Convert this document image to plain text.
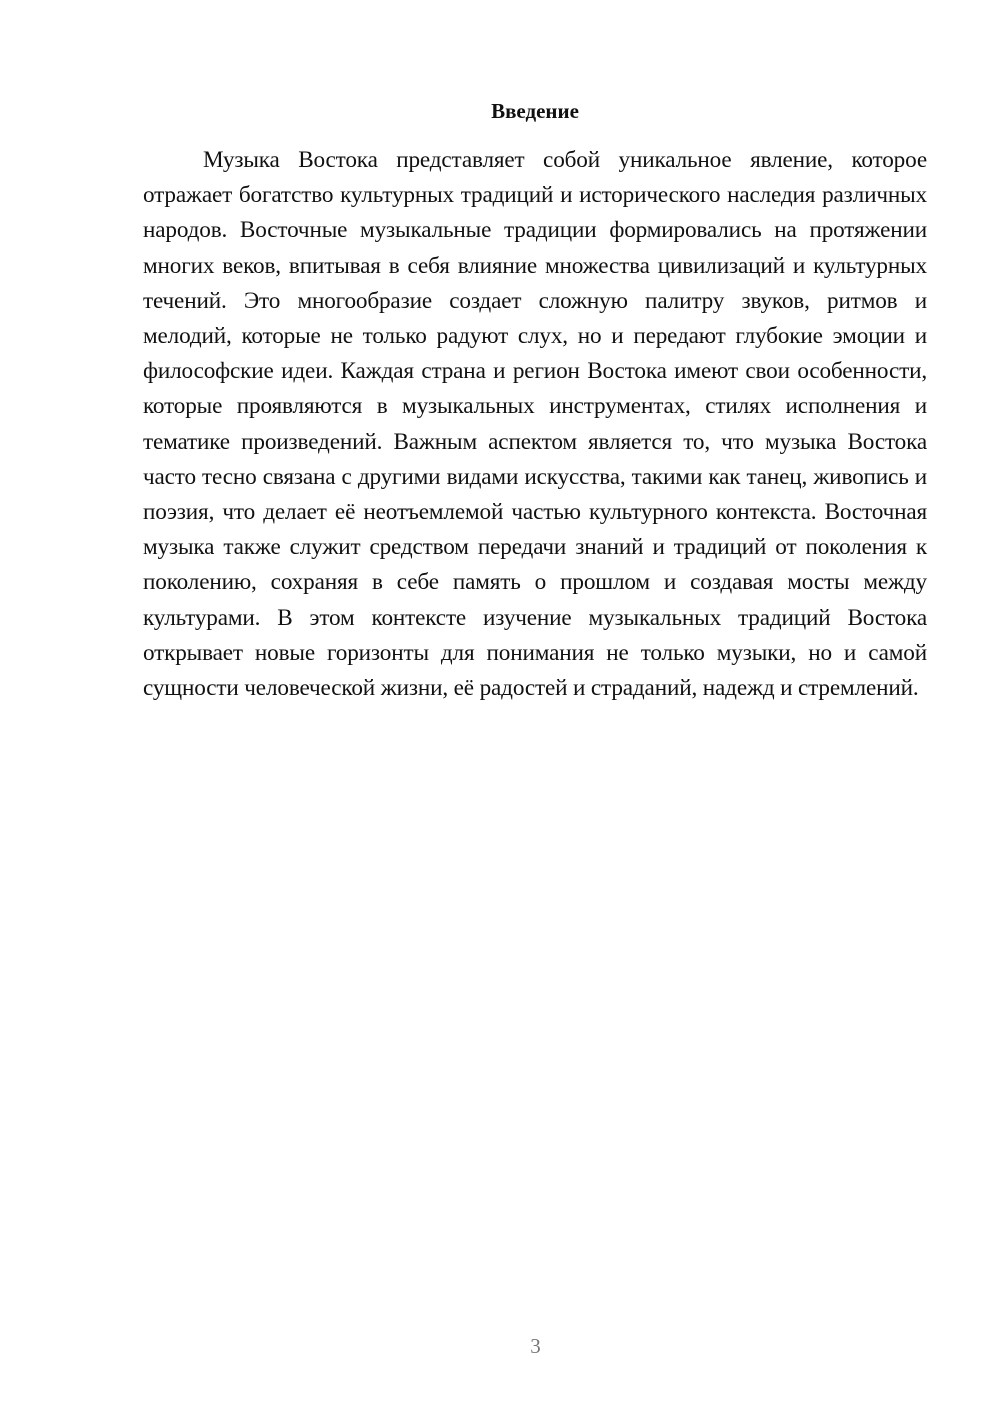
Введение

Музыка Востока представляет собой уникальное явление, которое отражает богатство культурных традиций и исторического наследия различных народов. Восточные музыкальные традиции формировались на протяжении многих веков, впитывая в себя влияние множества цивилизаций и культурных течений. Это многообразие создает сложную палитру звуков, ритмов и мелодий, которые не только радуют слух, но и передают глубокие эмоции и философские идеи. Каждая страна и регион Востока имеют свои особенности, которые проявляются в музыкальных инструментах, стилях исполнения и тематике произведений. Важным аспектом является то, что музыка Востока часто тесно связана с другими видами искусства, такими как танец, живопись и поэзия, что делает её неотъемлемой частью культурного контекста. Восточная музыка также служит средством передачи знаний и традиций от поколения к поколению, сохраняя в себе память о прошлом и создавая мосты между культурами. В этом контексте изучение музыкальных традиций Востока открывает новые горизонты для понимания не только музыки, но и самой сущности человеческой жизни, её радостей и страданий, надежд и стремлений.

3
